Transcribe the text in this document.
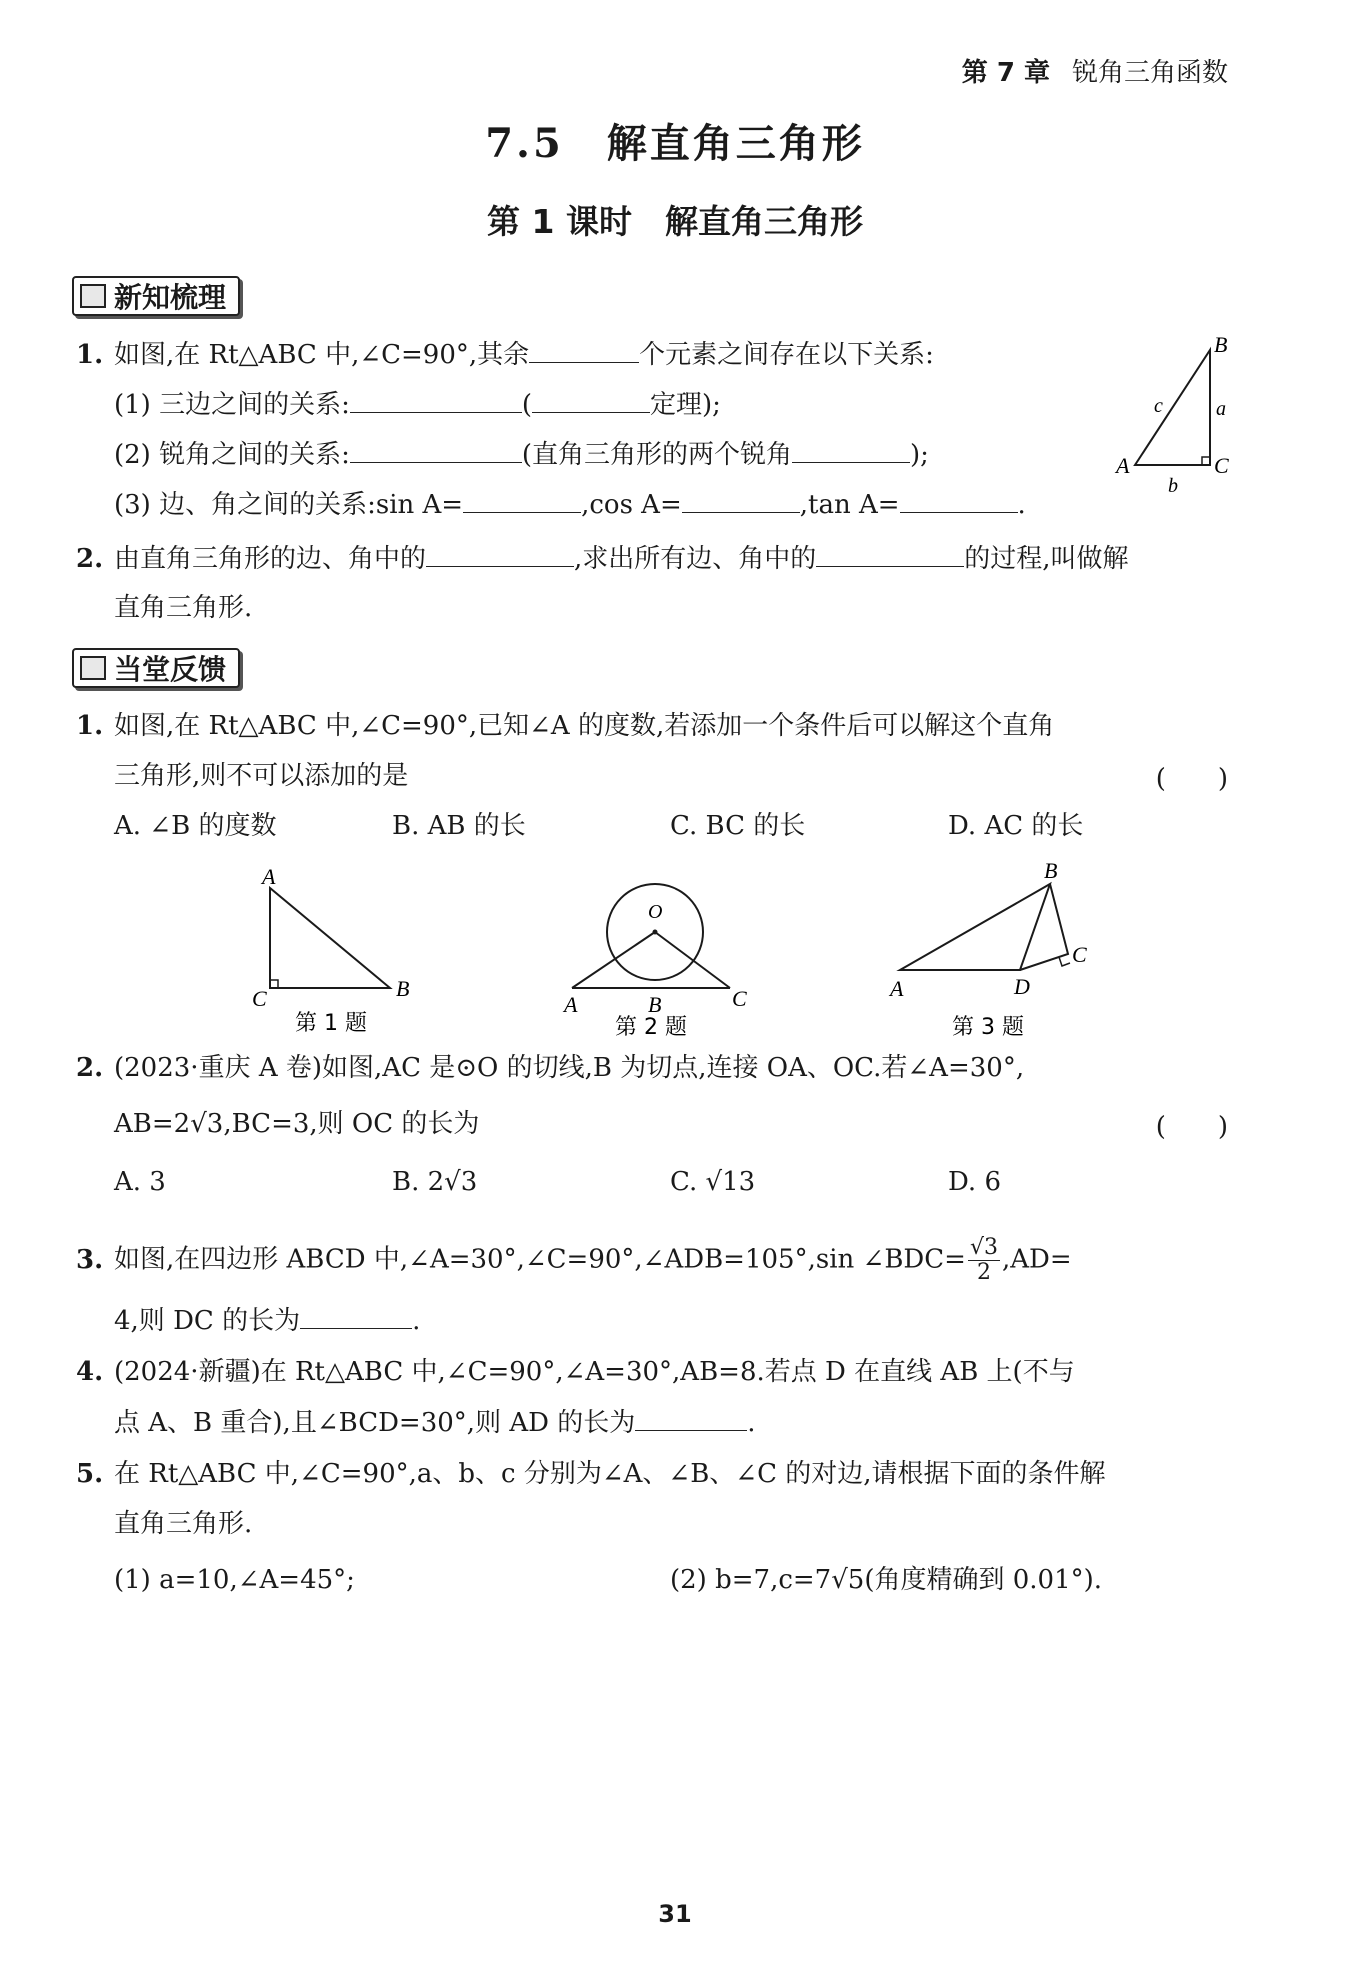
第 7 章 锐角三角函数
7.5　解直角三角形
第 1 课时　解直角三角形
新知梳理
1. 如图,在 Rt△ABC 中,∠C=90°,其余	个元素之间存在以下关系:
(1) 三边之间的关系:	(	定理);
(2) 锐角之间的关系:	(直角三角形的两个锐角	);
(3) 边、角之间的关系:sin A=	,cos A=	,tan A=	.
B
A	C
a
b
c
2. 由直角三角形的边、角中的	,求出所有边、角中的	的过程,叫做解
直角三角形.
当堂反馈
1. 如图,在 Rt△ABC 中,∠C=90°,已知∠A 的度数,若添加一个条件后可以解这个直角
三角形,则不可以添加的是	(　　)
A. ∠B 的度数	B. AB 的长	C. BC 的长	D. AC 的长
A
C	B
第 1 题
O
A	B	C
第 2 题
B
A	D
C
第 3 题
2. (2023·重庆 A 卷)如图,AC 是⊙O 的切线,B 为切点,连接 OA、OC.若∠A=30°,
AB=2√3,BC=3,则 OC 的长为	(　　)
A. 3	B. 2√3	C. √13	D. 6
3. 如图,在四边形 ABCD 中,∠A=30°,∠C=90°,∠ADB=105°,sin ∠BDC= $\frac{√3}{2} ,AD=$
4,则 DC 的长为	.
4. (2024·新疆)在 Rt△ABC 中,∠C=90°,∠A=30°,AB=8.若点 D 在直线 AB 上(不与
点 A、B 重合),且∠BCD=30°,则 AD 的长为	.
5. 在 Rt△ABC 中,∠C=90°,a、b、c 分别为∠A、∠B、∠C 的对边,请根据下面的条件解
直角三角形.
(1) a=10,∠A=45°;	(2) b=7,c=7√5(角度精确到 0.01°).
31
